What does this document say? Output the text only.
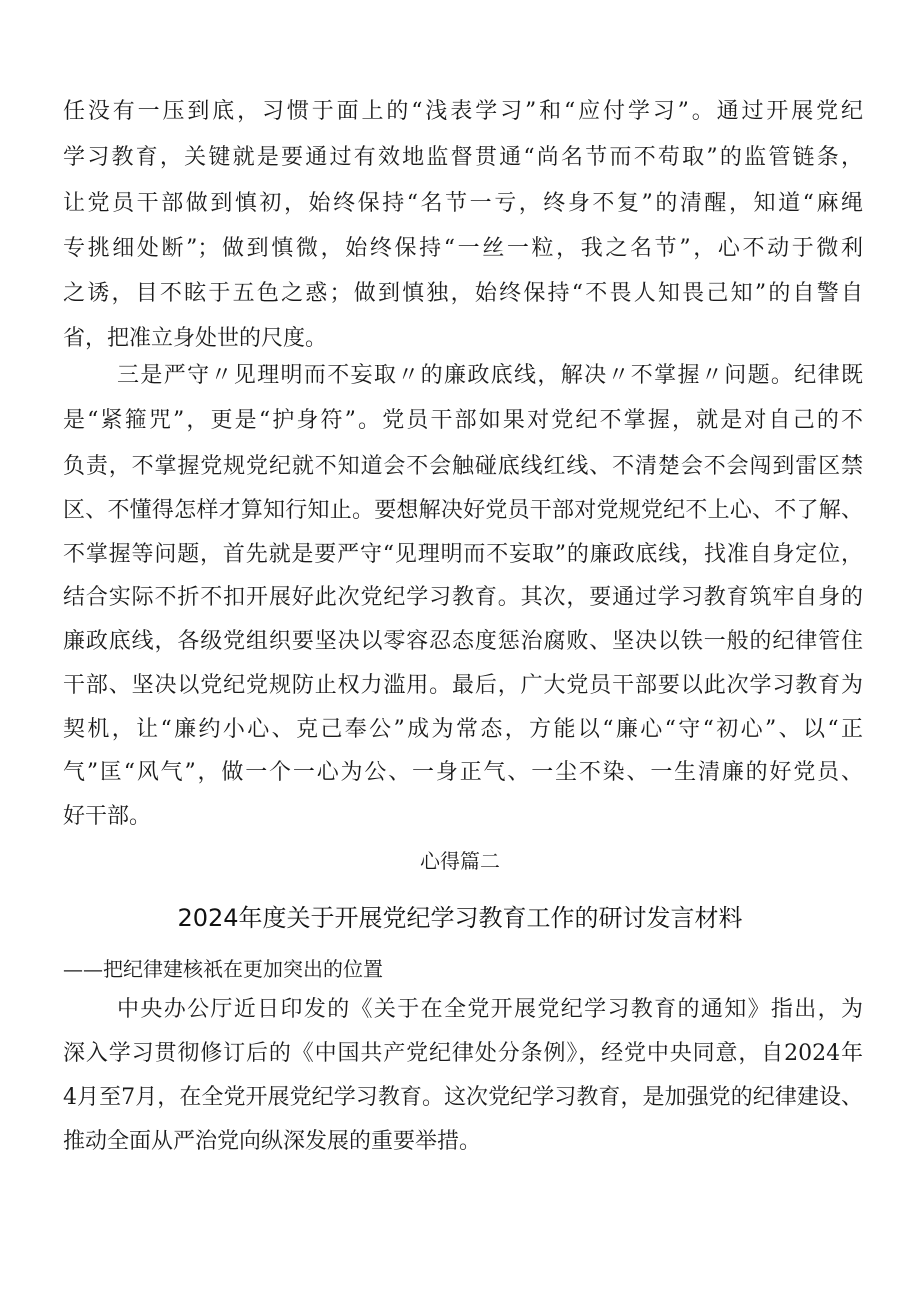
任没有一压到底，习惯于面上的“浅表学习”和“应付学习”。通过开展党纪
学习教育，关键就是要通过有效地监督贯通“尚名节而不苟取”的监管链条，
让党员干部做到慎初，始终保持“名节一亏，终身不复”的清醒，知道“麻绳
专挑细处断”；做到慎微，始终保持“一丝一粒，我之名节”，心不动于微利
之诱，目不眩于五色之惑；做到慎独，始终保持“不畏人知畏己知”的自警自
省，把准立身处世的尺度。
三是严守〃见理明而不妄取〃的廉政底线，解决〃不掌握〃问题。纪律既
是“紧箍咒”，更是“护身符”。党员干部如果对党纪不掌握，就是对自己的不
负责，不掌握党规党纪就不知道会不会触碰底线红线、不清楚会不会闯到雷区禁
区、不懂得怎样才算知行知止。要想解决好党员干部对党规党纪不上心、不了解、
不掌握等问题，首先就是要严守“见理明而不妄取”的廉政底线，找准自身定位，
结合实际不折不扣开展好此次党纪学习教育。其次，要通过学习教育筑牢自身的
廉政底线，各级党组织要坚决以零容忍态度惩治腐败、坚决以铁一般的纪律管住
干部、坚决以党纪党规防止权力滥用。最后，广大党员干部要以此次学习教育为
契机，让“廉约小心、克己奉公”成为常态，方能以“廉心“守“初心”、以“正
气”匡“风气”，做一个一心为公、一身正气、一尘不染、一生清廉的好党员、
好干部。
心得篇二
2024年度关于开展党纪学习教育工作的研讨发言材料
——把纪律建核祇在更加突出的位置
中央办公厅近日印发的《关于在全党开展党纪学习教育的通知》指出，为
深入学习贯彻修订后的《中国共产党纪律处分条例》，经党中央同意，自2024年
4月至7月，在全党开展党纪学习教育。这次党纪学习教育，是加强党的纪律建设、
推动全面从严治党向纵深发展的重要举措。
